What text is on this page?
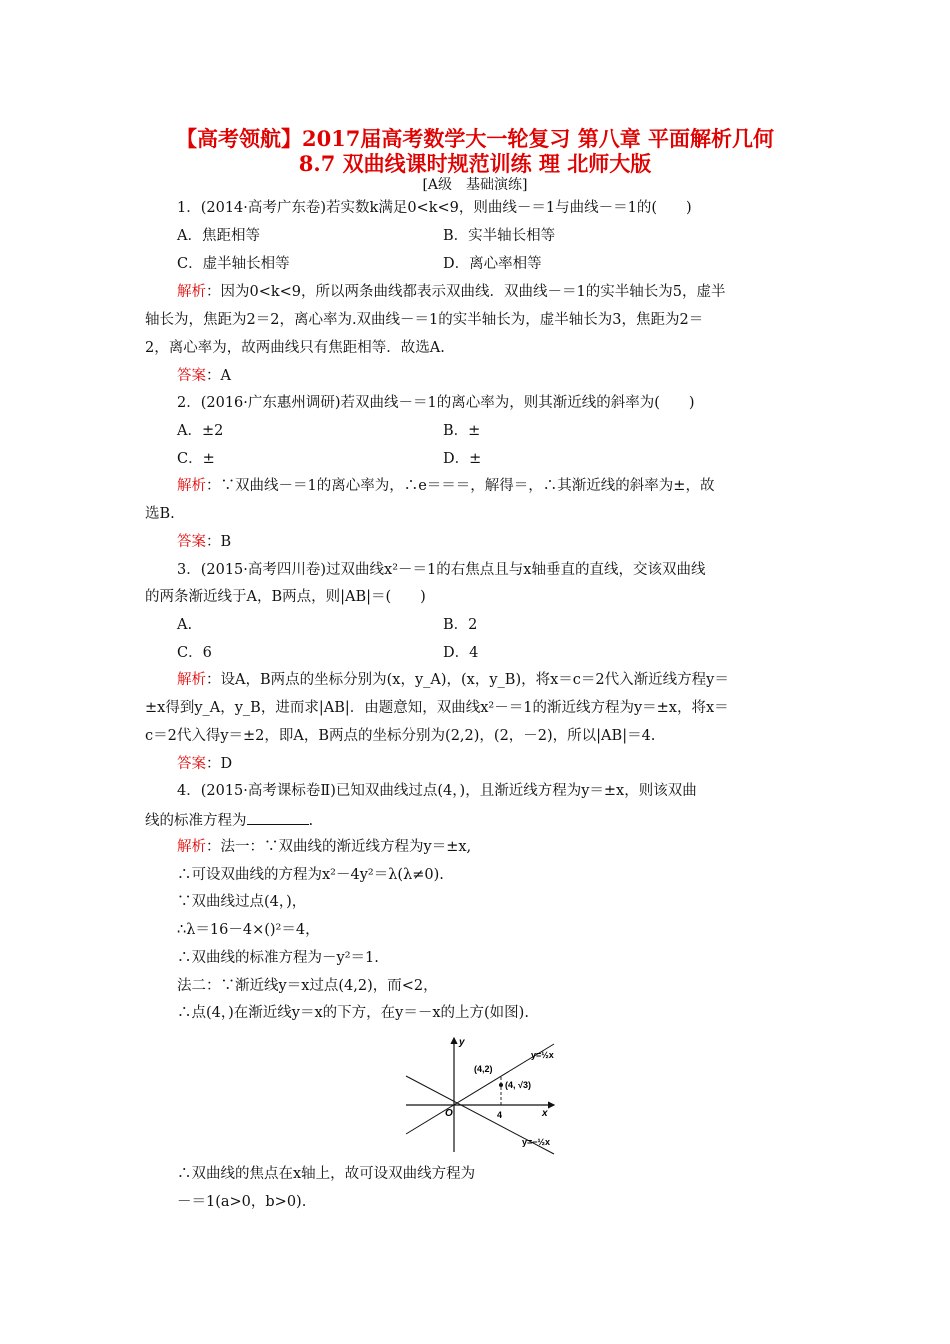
【高考领航】2017届高考数学大一轮复习 第八章 平面解析几何
8.7 双曲线课时规范训练 理 北师大版
[A级　基础演练]
1．(2014·高考广东卷)若实数k满足0<k<9，则曲线－＝1与曲线－＝1的(　　)
A．焦距相等	B．实半轴长相等
C．虚半轴长相等	D．离心率相等
解析：因为0<k<9，所以两条曲线都表示双曲线．双曲线－＝1的实半轴长为5，虚半
轴长为，焦距为2＝2，离心率为.双曲线－＝1的实半轴长为，虚半轴长为3，焦距为2＝
2，离心率为，故两曲线只有焦距相等．故选A.
答案：A
2．(2016·广东惠州调研)若双曲线－＝1的离心率为，则其渐近线的斜率为(　　)
A．±2	B．±
C．±	D．±
解析：∵双曲线－＝1的离心率为，∴e＝＝＝，解得＝，∴其渐近线的斜率为±，故
选B.
答案：B
3．(2015·高考四川卷)过双曲线x²－＝1的右焦点且与x轴垂直的直线，交该双曲线
的两条渐近线于A，B两点，则|AB|＝(　　)
A.	B．2
C．6	D．4
解析：设A，B两点的坐标分别为(x，y_A)，(x，y_B)，将x＝c＝2代入渐近线方程y＝
±x得到y_A，y_B，进而求|AB|．由题意知，双曲线x²－＝1的渐近线方程为y＝±x，将x＝
c＝2代入得y＝±2，即A，B两点的坐标分别为(2,2)，(2，－2)，所以|AB|＝4.
答案：D
4．(2015·高考课标卷Ⅱ)已知双曲线过点(4，)，且渐近线方程为y＝±x，则该双曲
线的标准方程为	.
解析：法一：∵双曲线的渐近线方程为y＝±x,
∴可设双曲线的方程为x²－4y²＝λ(λ≠0).
∵双曲线过点(4，)，
∴λ＝16－4×()²＝4，
∴双曲线的标准方程为－y²＝1.
法二：∵渐近线y＝x过点(4,2)，而<2，
∴点(4，)在渐近线y＝x的下方，在y＝－x的上方(如图).
y
x
O
(4,2)
(4, √3)
4
y=½x
y=−½x
∴双曲线的焦点在x轴上，故可设双曲线方程为
－＝1(a>0，b>0).
